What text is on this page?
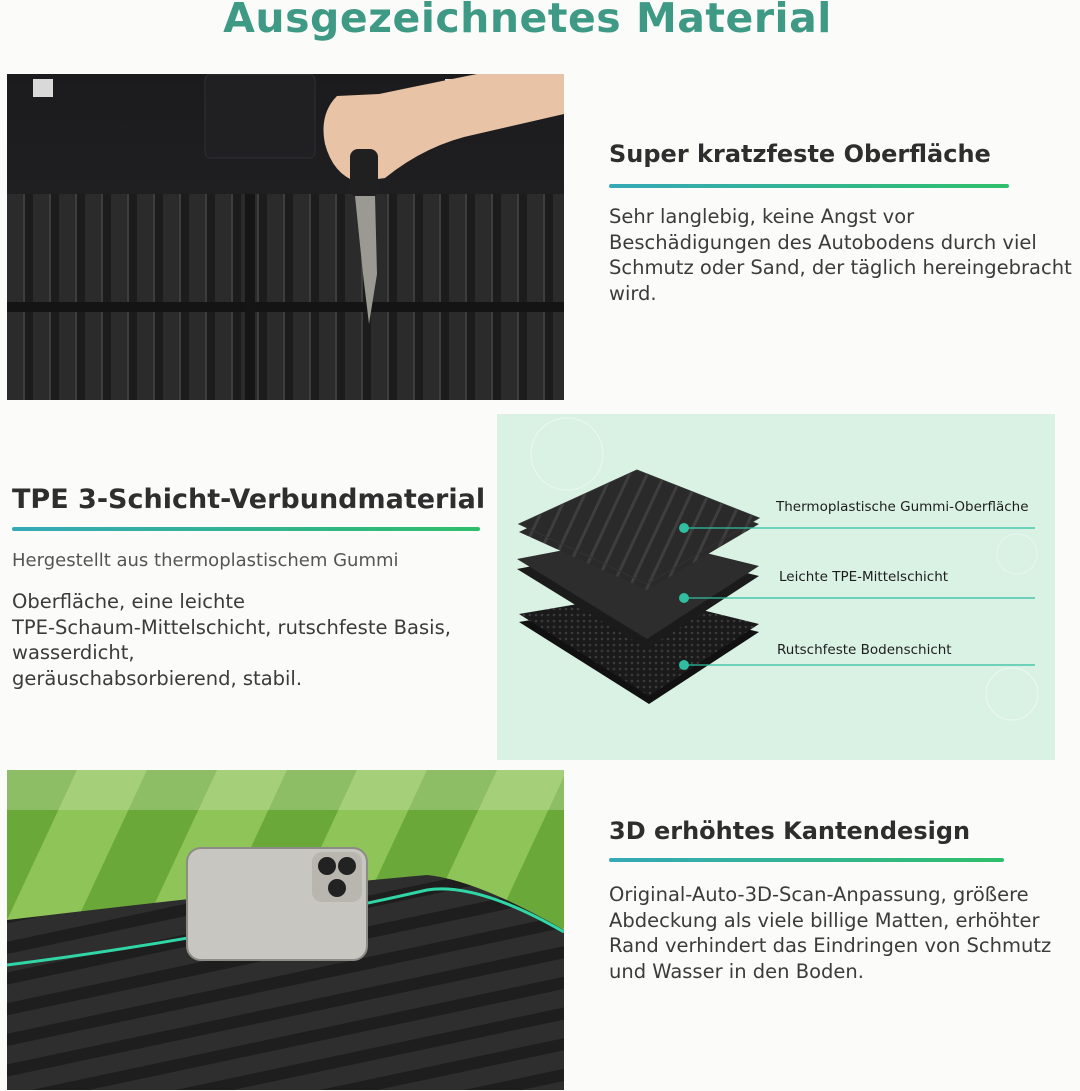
Ausgezeichnetes Material
Super kratzfeste Oberfläche
Sehr langlebig, keine Angst vor Beschädigungen des Autobodens durch viel Schmutz oder Sand, der täglich hereingebracht wird.
TPE 3-Schicht-Verbundmaterial
Hergestellt aus thermoplastischem Gummi

Oberfläche, eine leichte

TPE-Schaum-Mittelschicht, rutschfeste Basis,

wasserdicht,

geräuschabsorbierend, stabil.

Thermoplastische Gummi-Oberfläche
Leichte TPE-Mittelschicht
Rutschfeste Bodenschicht
3D erhöhtes Kantendesign
Original-Auto-3D-Scan-Anpassung, größere Abdeckung als viele billige Matten, erhöhter Rand verhindert das Eindringen von Schmutz und Wasser in den Boden.
